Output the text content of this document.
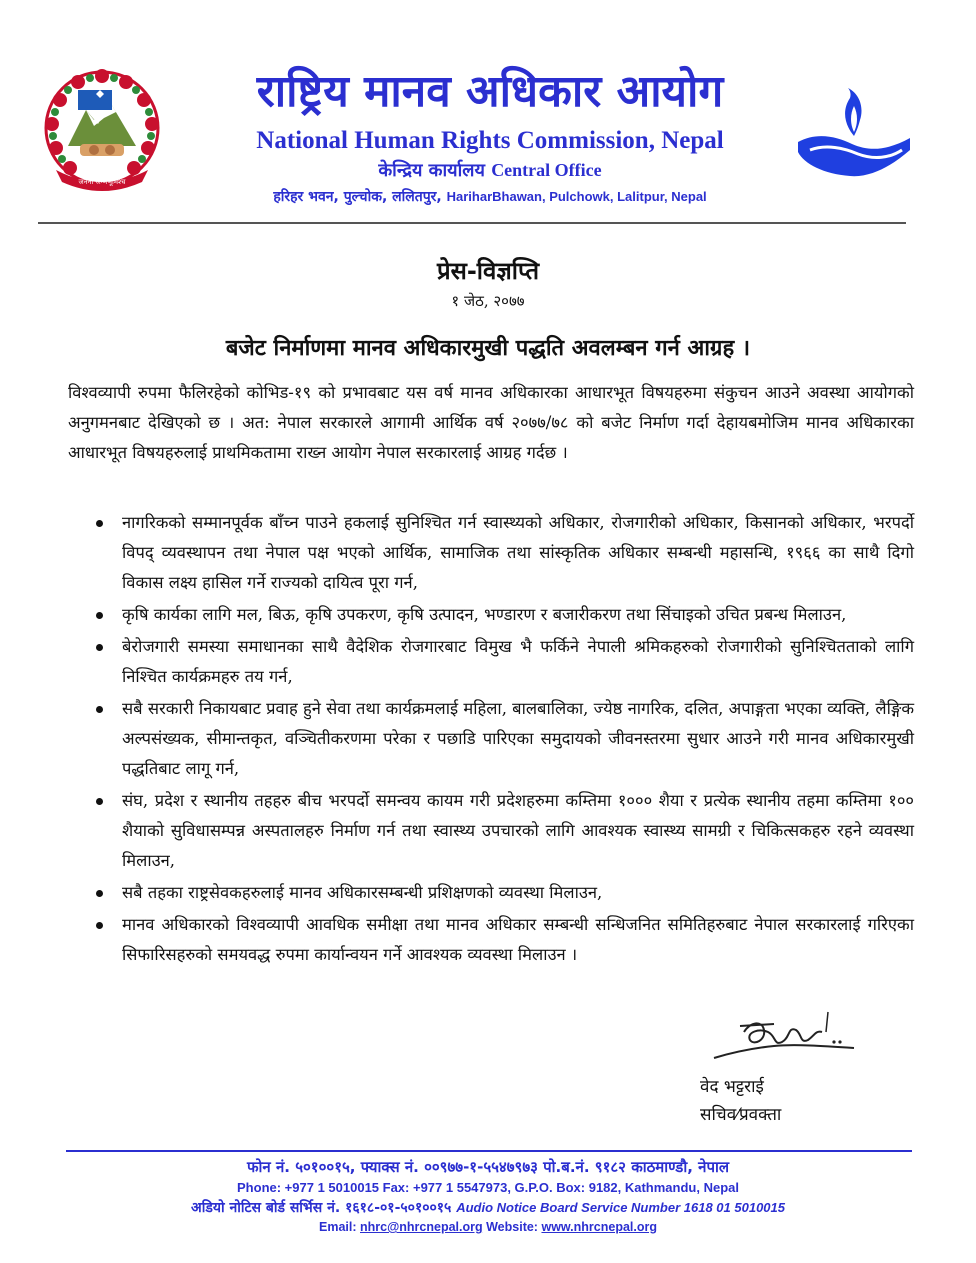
जननी जन्मभूमिश्च
राष्ट्रिय मानव अधिकार आयोग
National Human Rights Commission, Nepal
केन्द्रिय कार्यालय Central Office
हरिहर भवन, पुल्चोक, ललितपुर, HariharBhawan, Pulchowk, Lalitpur, Nepal
प्रेस-विज्ञप्ति
१ जेठ, २०७७
बजेट निर्माणमा मानव अधिकारमुखी पद्धति अवलम्बन गर्न आग्रह ।

विश्वव्यापी रुपमा फैलिरहेको कोभिड-१९ को प्रभावबाट यस वर्ष मानव अधिकारका आधारभूत विषयहरुमा संकुचन आउने अवस्था आयोगको अनुगमनबाट देखिएको छ । अत: नेपाल सरकारले आगामी आर्थिक वर्ष २०७७/७८ को बजेट निर्माण गर्दा देहायबमोजिम मानव अधिकारका आधारभूत विषयहरुलाई प्राथमिकतामा राख्न आयोग नेपाल सरकारलाई आग्रह गर्दछ ।

नागरिकको सम्मानपूर्वक बाँच्न पाउने हकलाई सुनिश्चित गर्न स्वास्थ्यको अधिकार, रोजगारीको अधिकार, किसानको अधिकार, भरपर्दो विपद् व्यवस्थापन तथा नेपाल पक्ष भएको आर्थिक, सामाजिक तथा सांस्कृतिक अधिकार सम्बन्धी महासन्धि, १९६६ का साथै दिगो विकास लक्ष्य हासिल गर्ने राज्यको दायित्व पूरा गर्न,
कृषि कार्यका लागि मल, बिऊ, कृषि उपकरण, कृषि उत्पादन, भण्डारण र बजारीकरण तथा सिंचाइको उचित प्रबन्ध मिलाउन,
बेरोजगारी समस्या समाधानका साथै वैदेशिक रोजगारबाट विमुख भै फर्किने नेपाली श्रमिकहरुको रोजगारीको सुनिश्चितताको लागि निश्चित कार्यक्रमहरु तय गर्न,
सबै सरकारी निकायबाट प्रवाह हुने सेवा तथा कार्यक्रमलाई महिला, बालबालिका, ज्येष्ठ नागरिक, दलित, अपाङ्गता भएका व्यक्ति, लैङ्गिक अल्पसंख्यक, सीमान्तकृत, वञ्चितीकरणमा परेका र पछाडि पारिएका समुदायको जीवनस्तरमा सुधार आउने गरी मानव अधिकारमुखी पद्धतिबाट लागू गर्न,
संघ, प्रदेश र स्थानीय तहहरु बीच भरपर्दो समन्वय कायम गरी प्रदेशहरुमा कम्तिमा १००० शैया र प्रत्येक स्थानीय तहमा कम्तिमा १०० शैयाको सुविधासम्पन्न अस्पतालहरु निर्माण गर्न तथा स्वास्थ्य उपचारको लागि आवश्यक स्वास्थ्य सामग्री र चिकित्सकहरु रहने व्यवस्था मिलाउन,
सबै तहका राष्ट्रसेवकहरुलाई मानव अधिकारसम्बन्धी प्रशिक्षणको व्यवस्था मिलाउन,
मानव अधिकारको विश्वव्यापी आवधिक समीक्षा तथा मानव अधिकार सम्बन्धी सन्धिजनित समितिहरुबाट नेपाल सरकारलाई गरिएका सिफारिसहरुको समयवद्ध रुपमा कार्यान्वयन गर्ने आवश्यक व्यवस्था मिलाउन ।
वेद भट्टराई
सचिव⁄प्रवक्ता
फोन नं. ५०१००१५, फ्याक्स नं. ००९७७-१-५५४७९७३ पो.ब.नं. ९१८२ काठमाण्डौ, नेपाल
Phone: +977 1 5010015 Fax: +977 1 5547973, G.P.O. Box: 9182, Kathmandu, Nepal
अडियो नोटिस बोर्ड सर्भिस नं. १६१८-०१-५०१००१५ Audio Notice Board Service Number 1618 01 5010015
Email: nhrc@nhrcnepal.org Website: www.nhrcnepal.org
